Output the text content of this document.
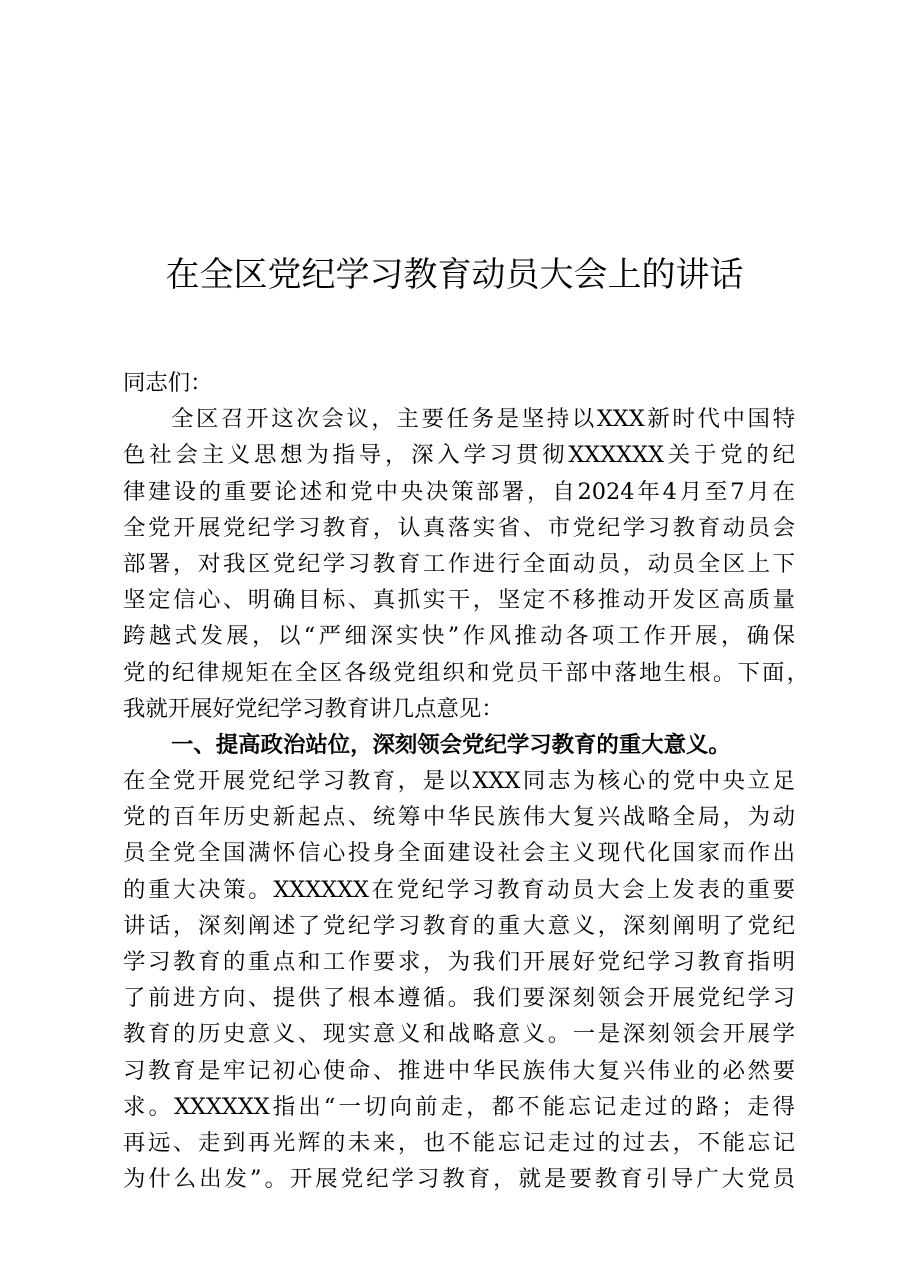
在全区党纪学习教育动员大会上的讲话
同志们：
全区召开这次会议，主要任务是坚持以XXX新时代中国特
色社会主义思想为指导，深入学习贯彻XXXXXX关于党的纪
律建设的重要论述和党中央决策部署，自2024年4月至7月在
全党开展党纪学习教育，认真落实省、市党纪学习教育动员会
部署，对我区党纪学习教育工作进行全面动员，动员全区上下
坚定信心、明确目标、真抓实干，坚定不移推动开发区高质量
跨越式发展，以“严细深实快”作风推动各项工作开展，确保
党的纪律规矩在全区各级党组织和党员干部中落地生根。下面，
我就开展好党纪学习教育讲几点意见：
一、提高政治站位，深刻领会党纪学习教育的重大意义。
在全党开展党纪学习教育，是以XXX同志为核心的党中央立足
党的百年历史新起点、统筹中华民族伟大复兴战略全局，为动
员全党全国满怀信心投身全面建设社会主义现代化国家而作出
的重大决策。XXXXXX在党纪学习教育动员大会上发表的重要
讲话，深刻阐述了党纪学习教育的重大意义，深刻阐明了党纪
学习教育的重点和工作要求，为我们开展好党纪学习教育指明
了前进方向、提供了根本遵循。我们要深刻领会开展党纪学习
教育的历史意义、现实意义和战略意义。一是深刻领会开展学
习教育是牢记初心使命、推进中华民族伟大复兴伟业的必然要
求。XXXXXX指出“一切向前走，都不能忘记走过的路；走得
再远、走到再光辉的未来，也不能忘记走过的过去，不能忘记
为什么出发”。开展党纪学习教育，就是要教育引导广大党员
